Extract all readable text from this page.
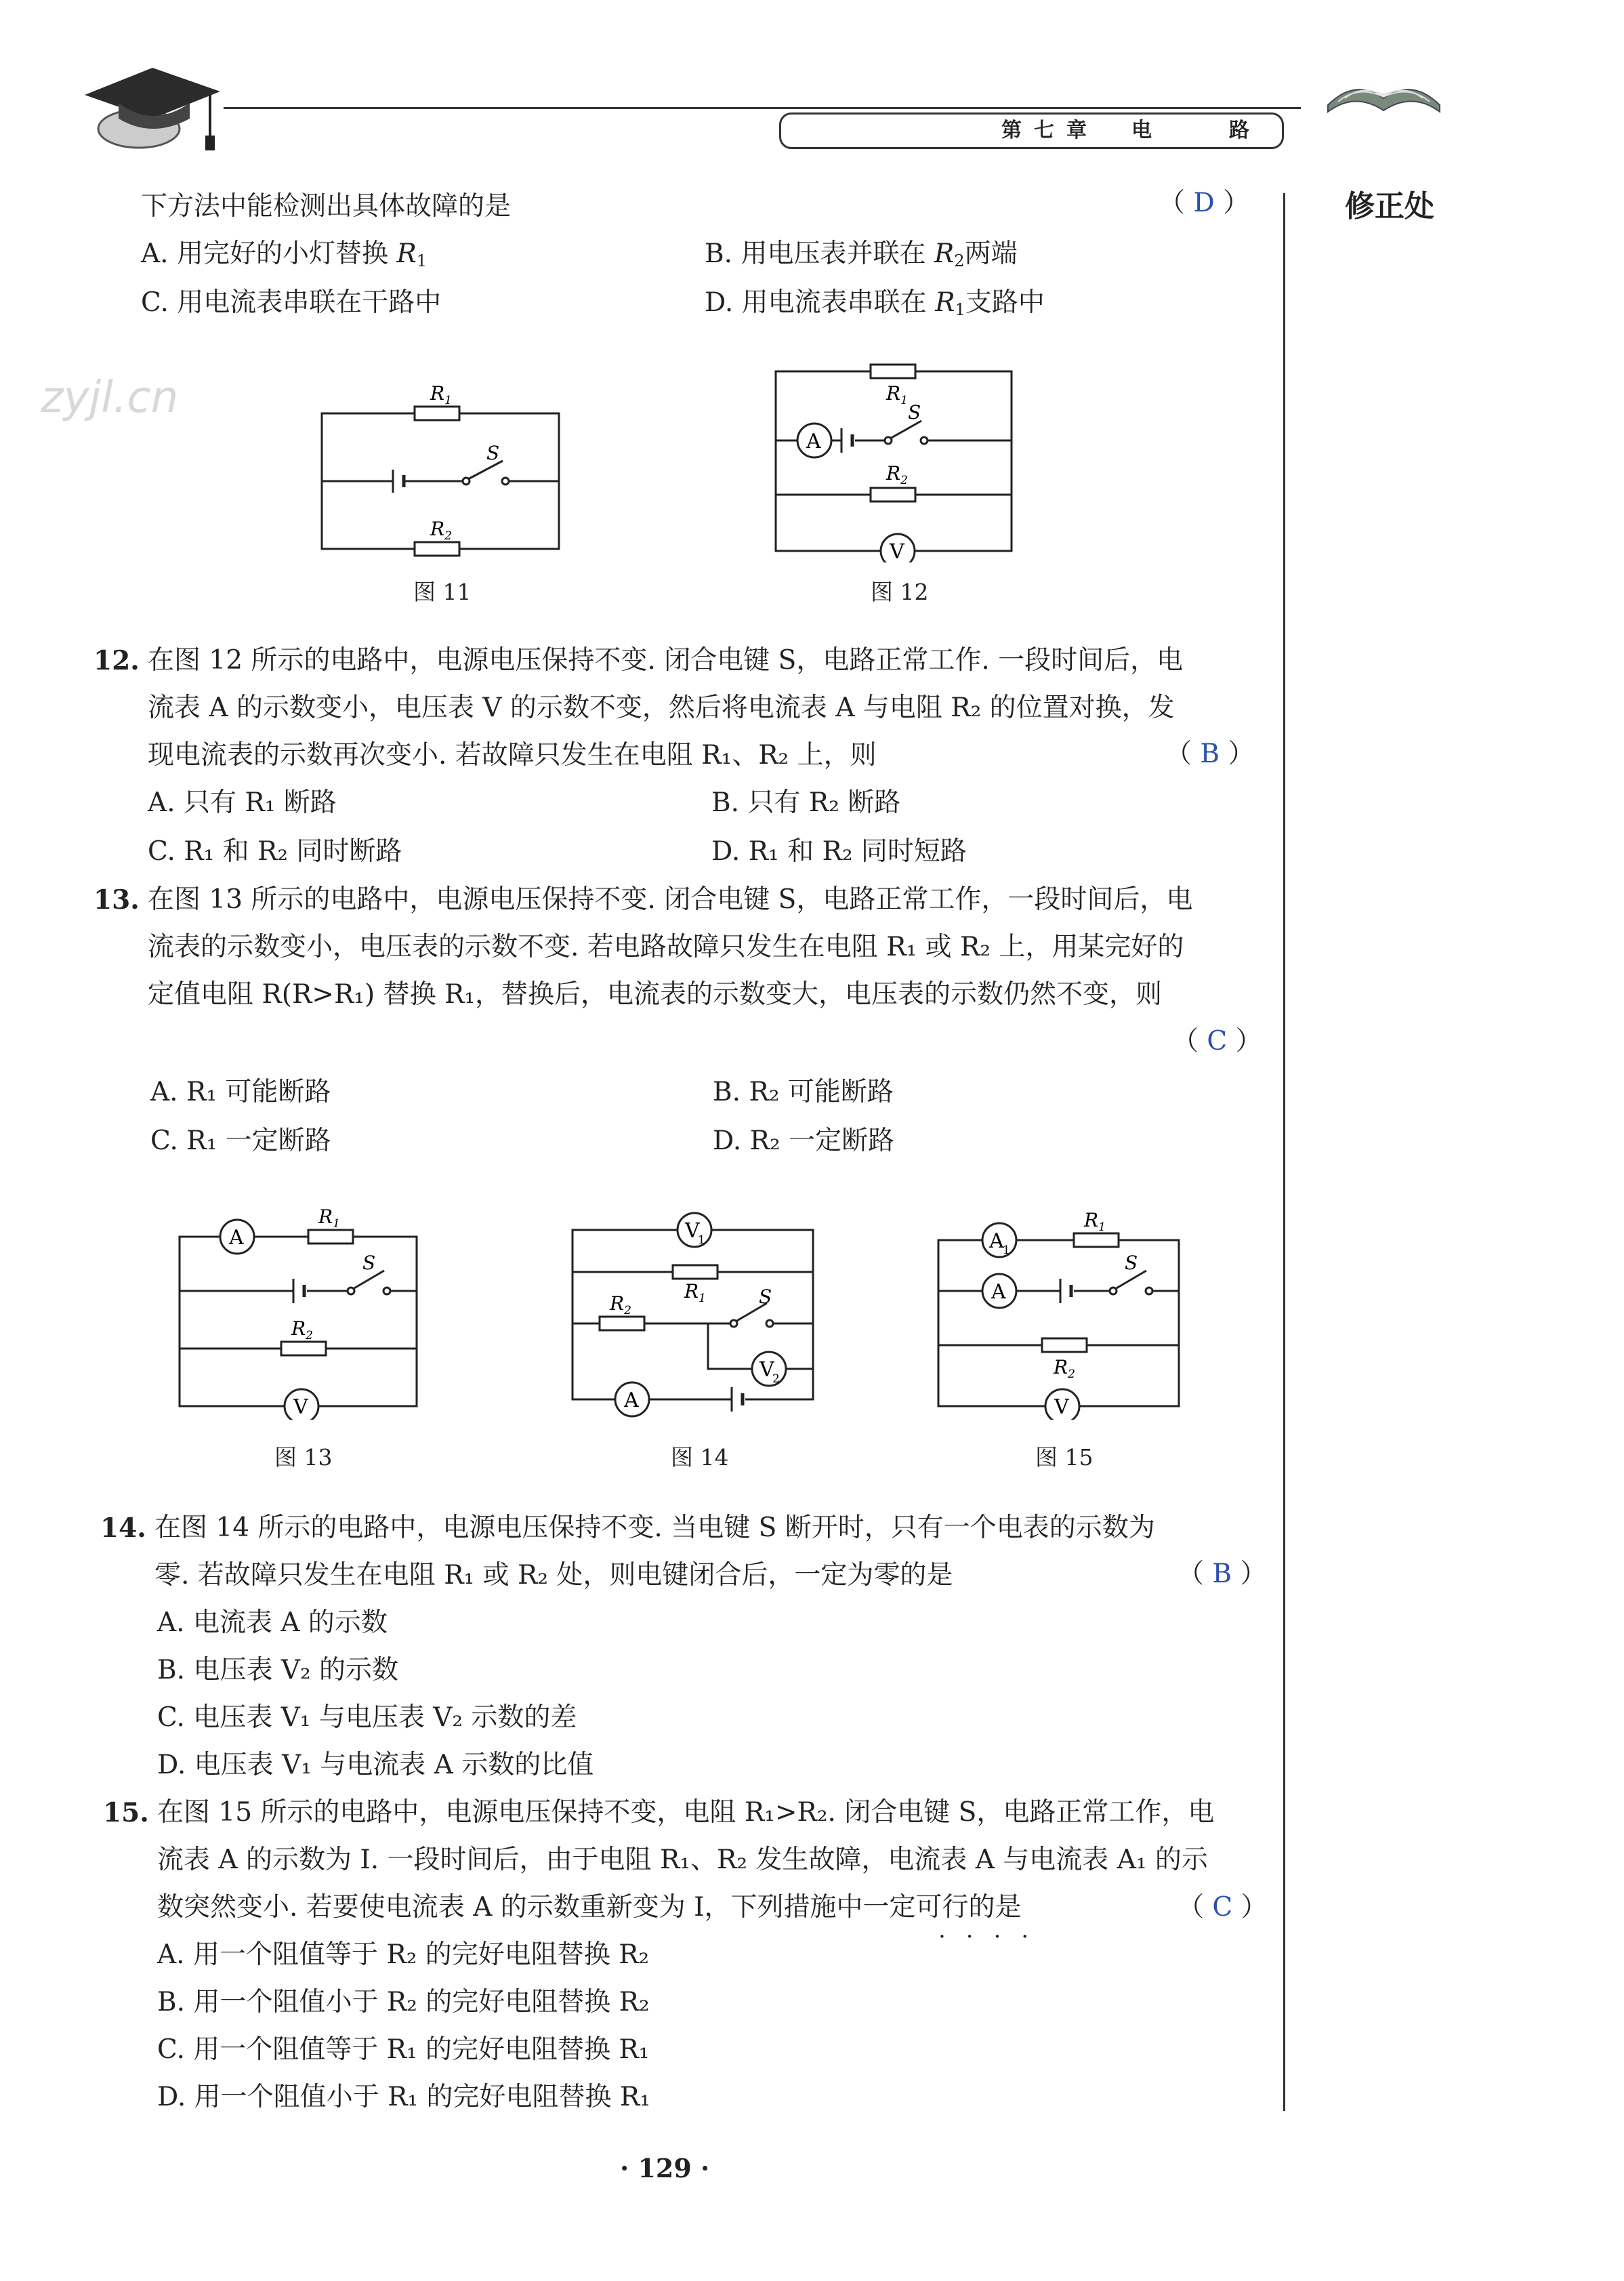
第七章　电　　路
修正处
zyjl.cn
下方法中能检测出具体故障的是	（ D ）
A. 用完好的小灯替换 $R_1$	B. 用电压表并联在 $R_2$两端
C. 用电流表串联在干路中	D. 用电流表串联在 $R_1$支路中
$R_1$
$R_2$
S
图 11
A
V
$R_1$
$R_2$
S
图 12
12. 在图 12 所示的电路中，电源电压保持不变. 闭合电键 S，电路正常工作. 一段时间后，电
流表 A 的示数变小，电压表 V 的示数不变，然后将电流表 A 与电阻 R₂ 的位置对换，发
现电流表的示数再次变小. 若故障只发生在电阻 R₁、R₂ 上，则	（ B ）
A. 只有 R₁ 断路	B. 只有 R₂ 断路
C. R₁ 和 R₂ 同时断路	D. R₁ 和 R₂ 同时短路
13. 在图 13 所示的电路中，电源电压保持不变. 闭合电键 S，电路正常工作，一段时间后，电
流表的示数变小，电压表的示数不变. 若电路故障只发生在电阻 R₁ 或 R₂ 上，用某完好的
定值电阻 R(R>R₁) 替换 R₁，替换后，电流表的示数变大，电压表的示数仍然不变，则
（ C ）
A. R₁ 可能断路	B. R₂ 可能断路
C. R₁ 一定断路	D. R₂ 一定断路
A
V
$R_1$
$R_2$
S
图 13
V
1
V
2
A
$R_1$
$R_2$
S
图 14
A
1
A
V
$R_1$
$R_2$
S
图 15
14. 在图 14 所示的电路中，电源电压保持不变. 当电键 S 断开时，只有一个电表的示数为
零. 若故障只发生在电阻 R₁ 或 R₂ 处，则电键闭合后，一定为零的是	（ B ）
A. 电流表 A 的示数
B. 电压表 V₂ 的示数
C. 电压表 V₁ 与电压表 V₂ 示数的差
D. 电压表 V₁ 与电流表 A 示数的比值
15. 在图 15 所示的电路中，电源电压保持不变，电阻 R₁>R₂. 闭合电键 S，电路正常工作，电
流表 A 的示数为 I. 一段时间后，由于电阻 R₁、R₂ 发生故障，电流表 A 与电流表 A₁ 的示
数突然变小. 若要使电流表 A 的示数重新变为 I，下列措施中一定可行的是
····
（ C ）
A. 用一个阻值等于 R₂ 的完好电阻替换 R₂
B. 用一个阻值小于 R₂ 的完好电阻替换 R₂
C. 用一个阻值等于 R₁ 的完好电阻替换 R₁
D. 用一个阻值小于 R₁ 的完好电阻替换 R₁
· 129 ·
